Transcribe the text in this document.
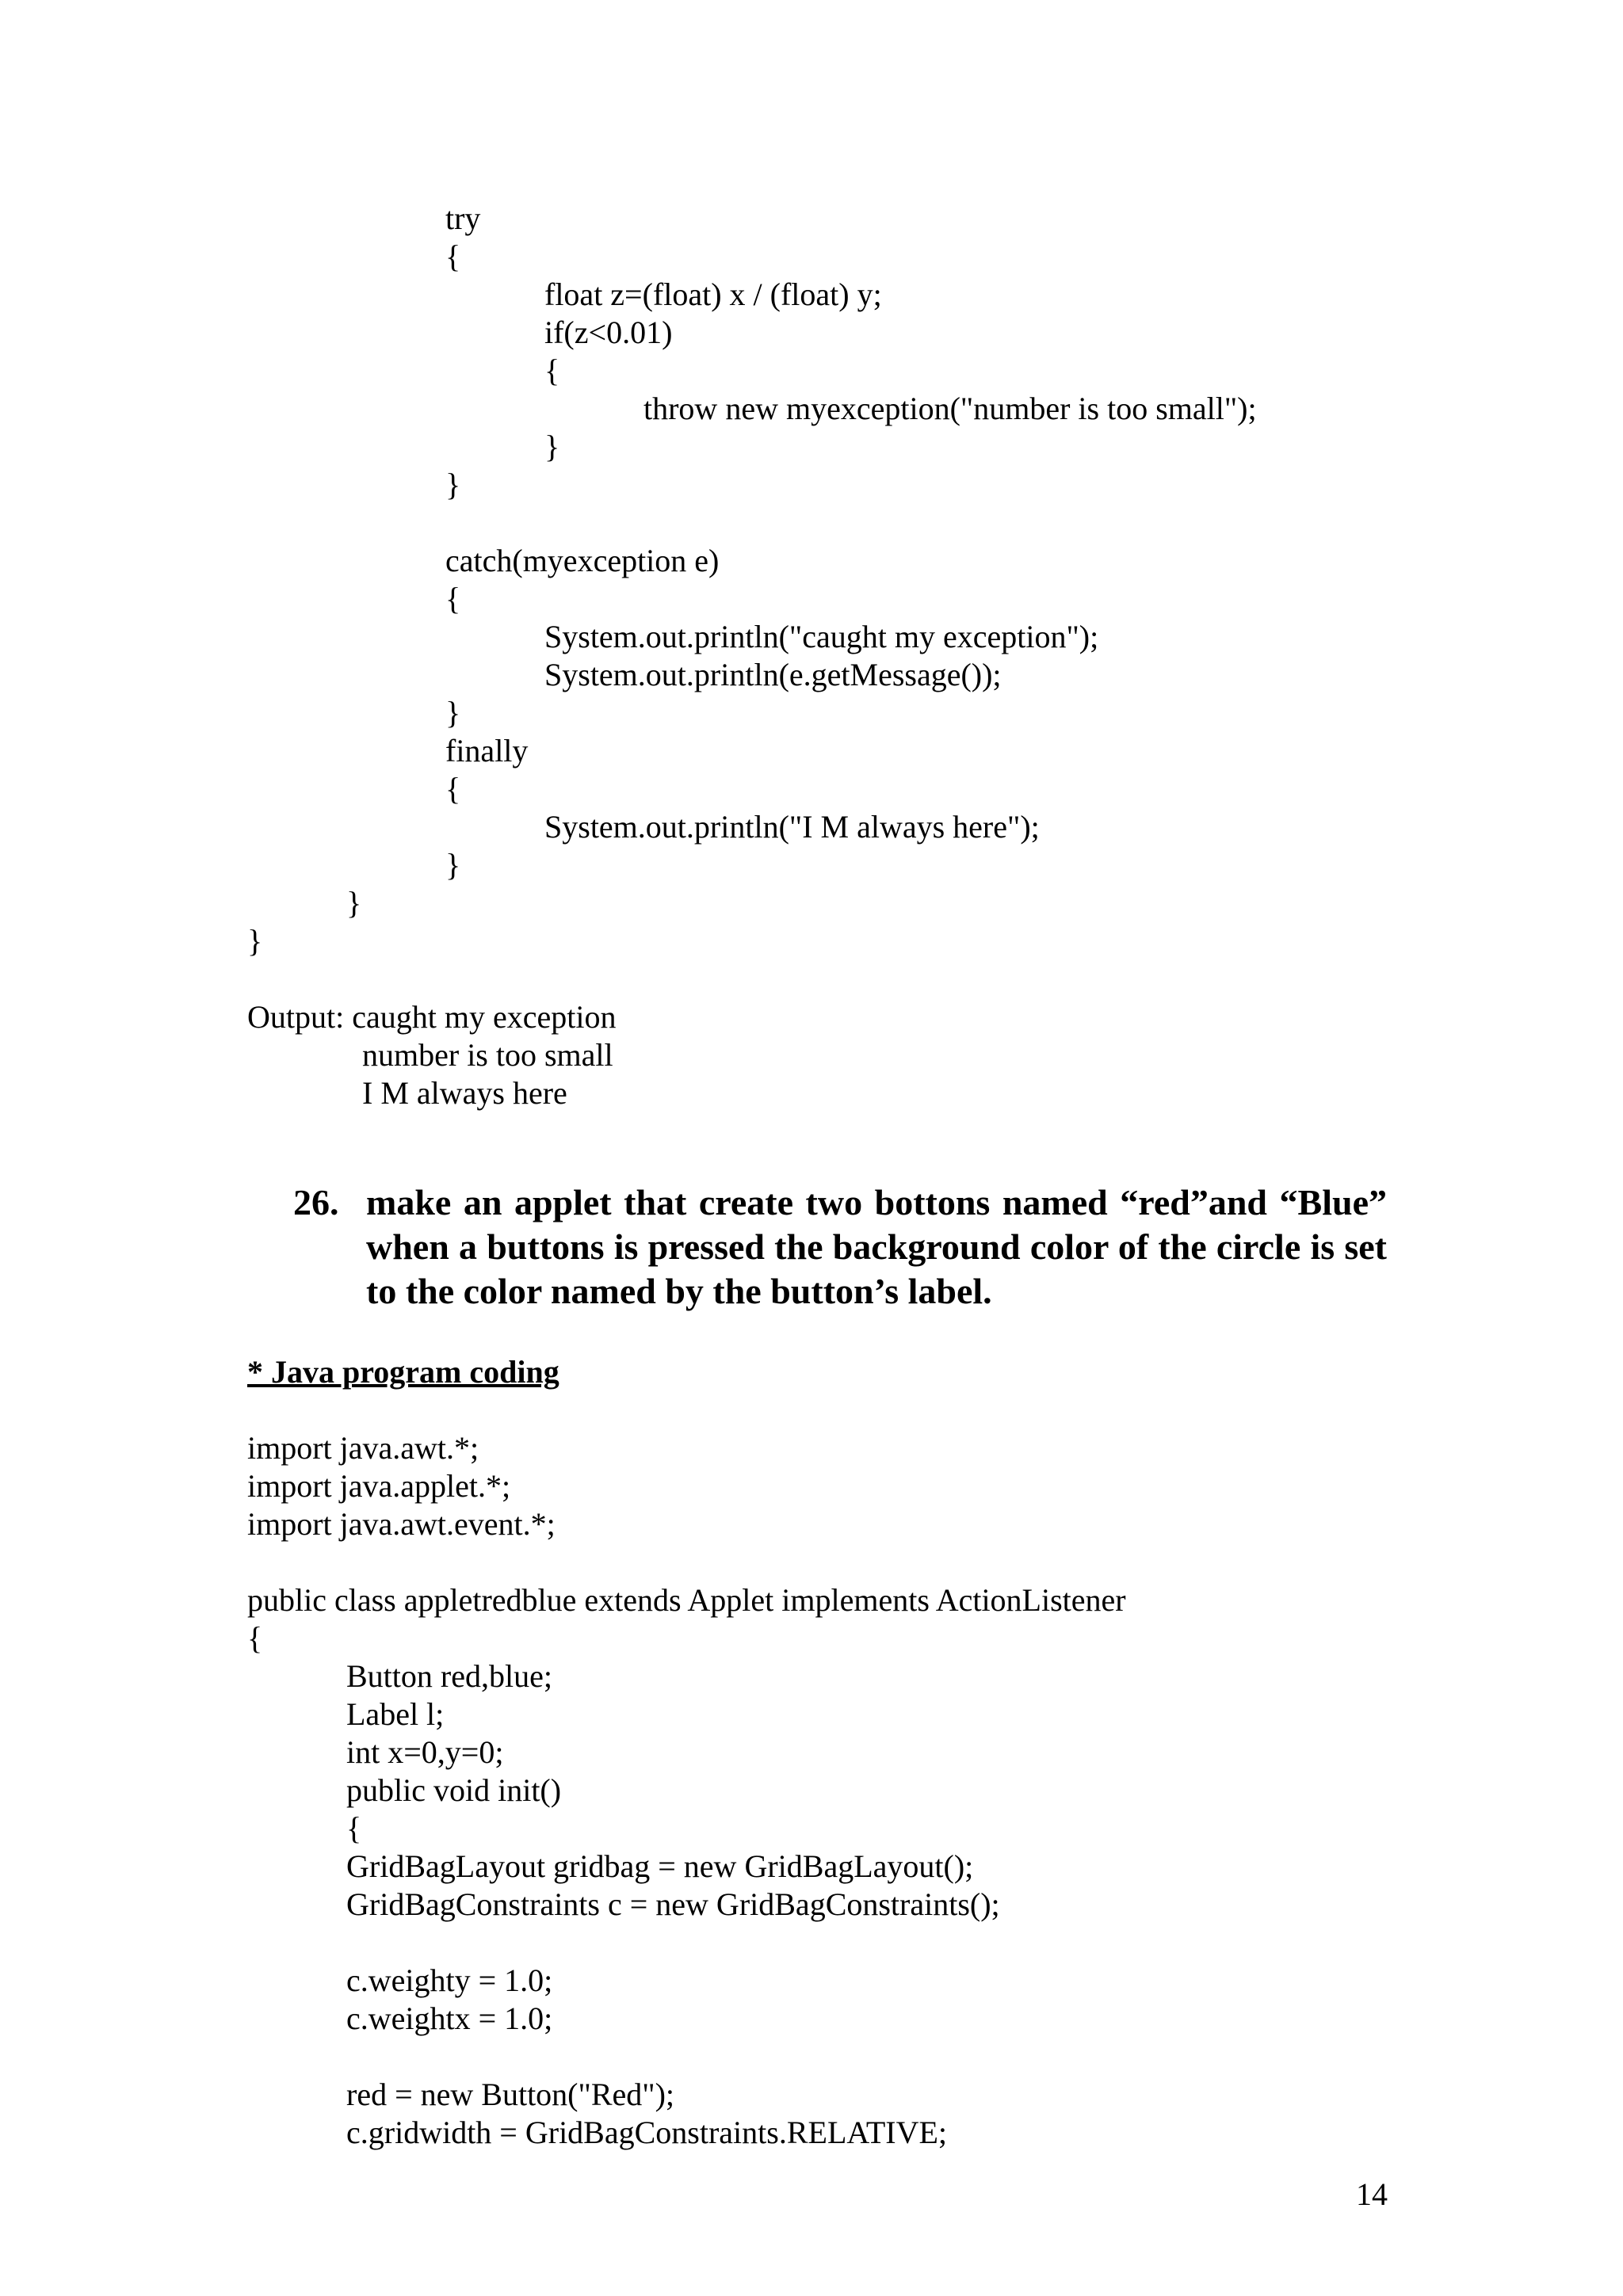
try
{
float z=(float) x / (float) y;
if(z<0.01)
{
throw new myexception("number is too small");
}
}
catch(myexception e)
{
System.out.println("caught my exception");
System.out.println(e.getMessage());
}
finally
{
System.out.println("I M always here");
}
}
}
Output: caught my exception
number is too small
I M always here
26. make an applet that create two bottons named “red”and “Blue” when a buttons is pressed the background color of the circle is set to the color named by the button’s label.
* Java program coding
import java.awt.*;
import java.applet.*;
import java.awt.event.*;
public class appletredblue extends Applet implements ActionListener
{
Button red,blue;
Label l;
int x=0,y=0;
public void init()
{
GridBagLayout gridbag = new GridBagLayout();
GridBagConstraints c = new GridBagConstraints();
c.weighty = 1.0;
c.weightx = 1.0;
red = new Button("Red");
c.gridwidth = GridBagConstraints.RELATIVE;
14
